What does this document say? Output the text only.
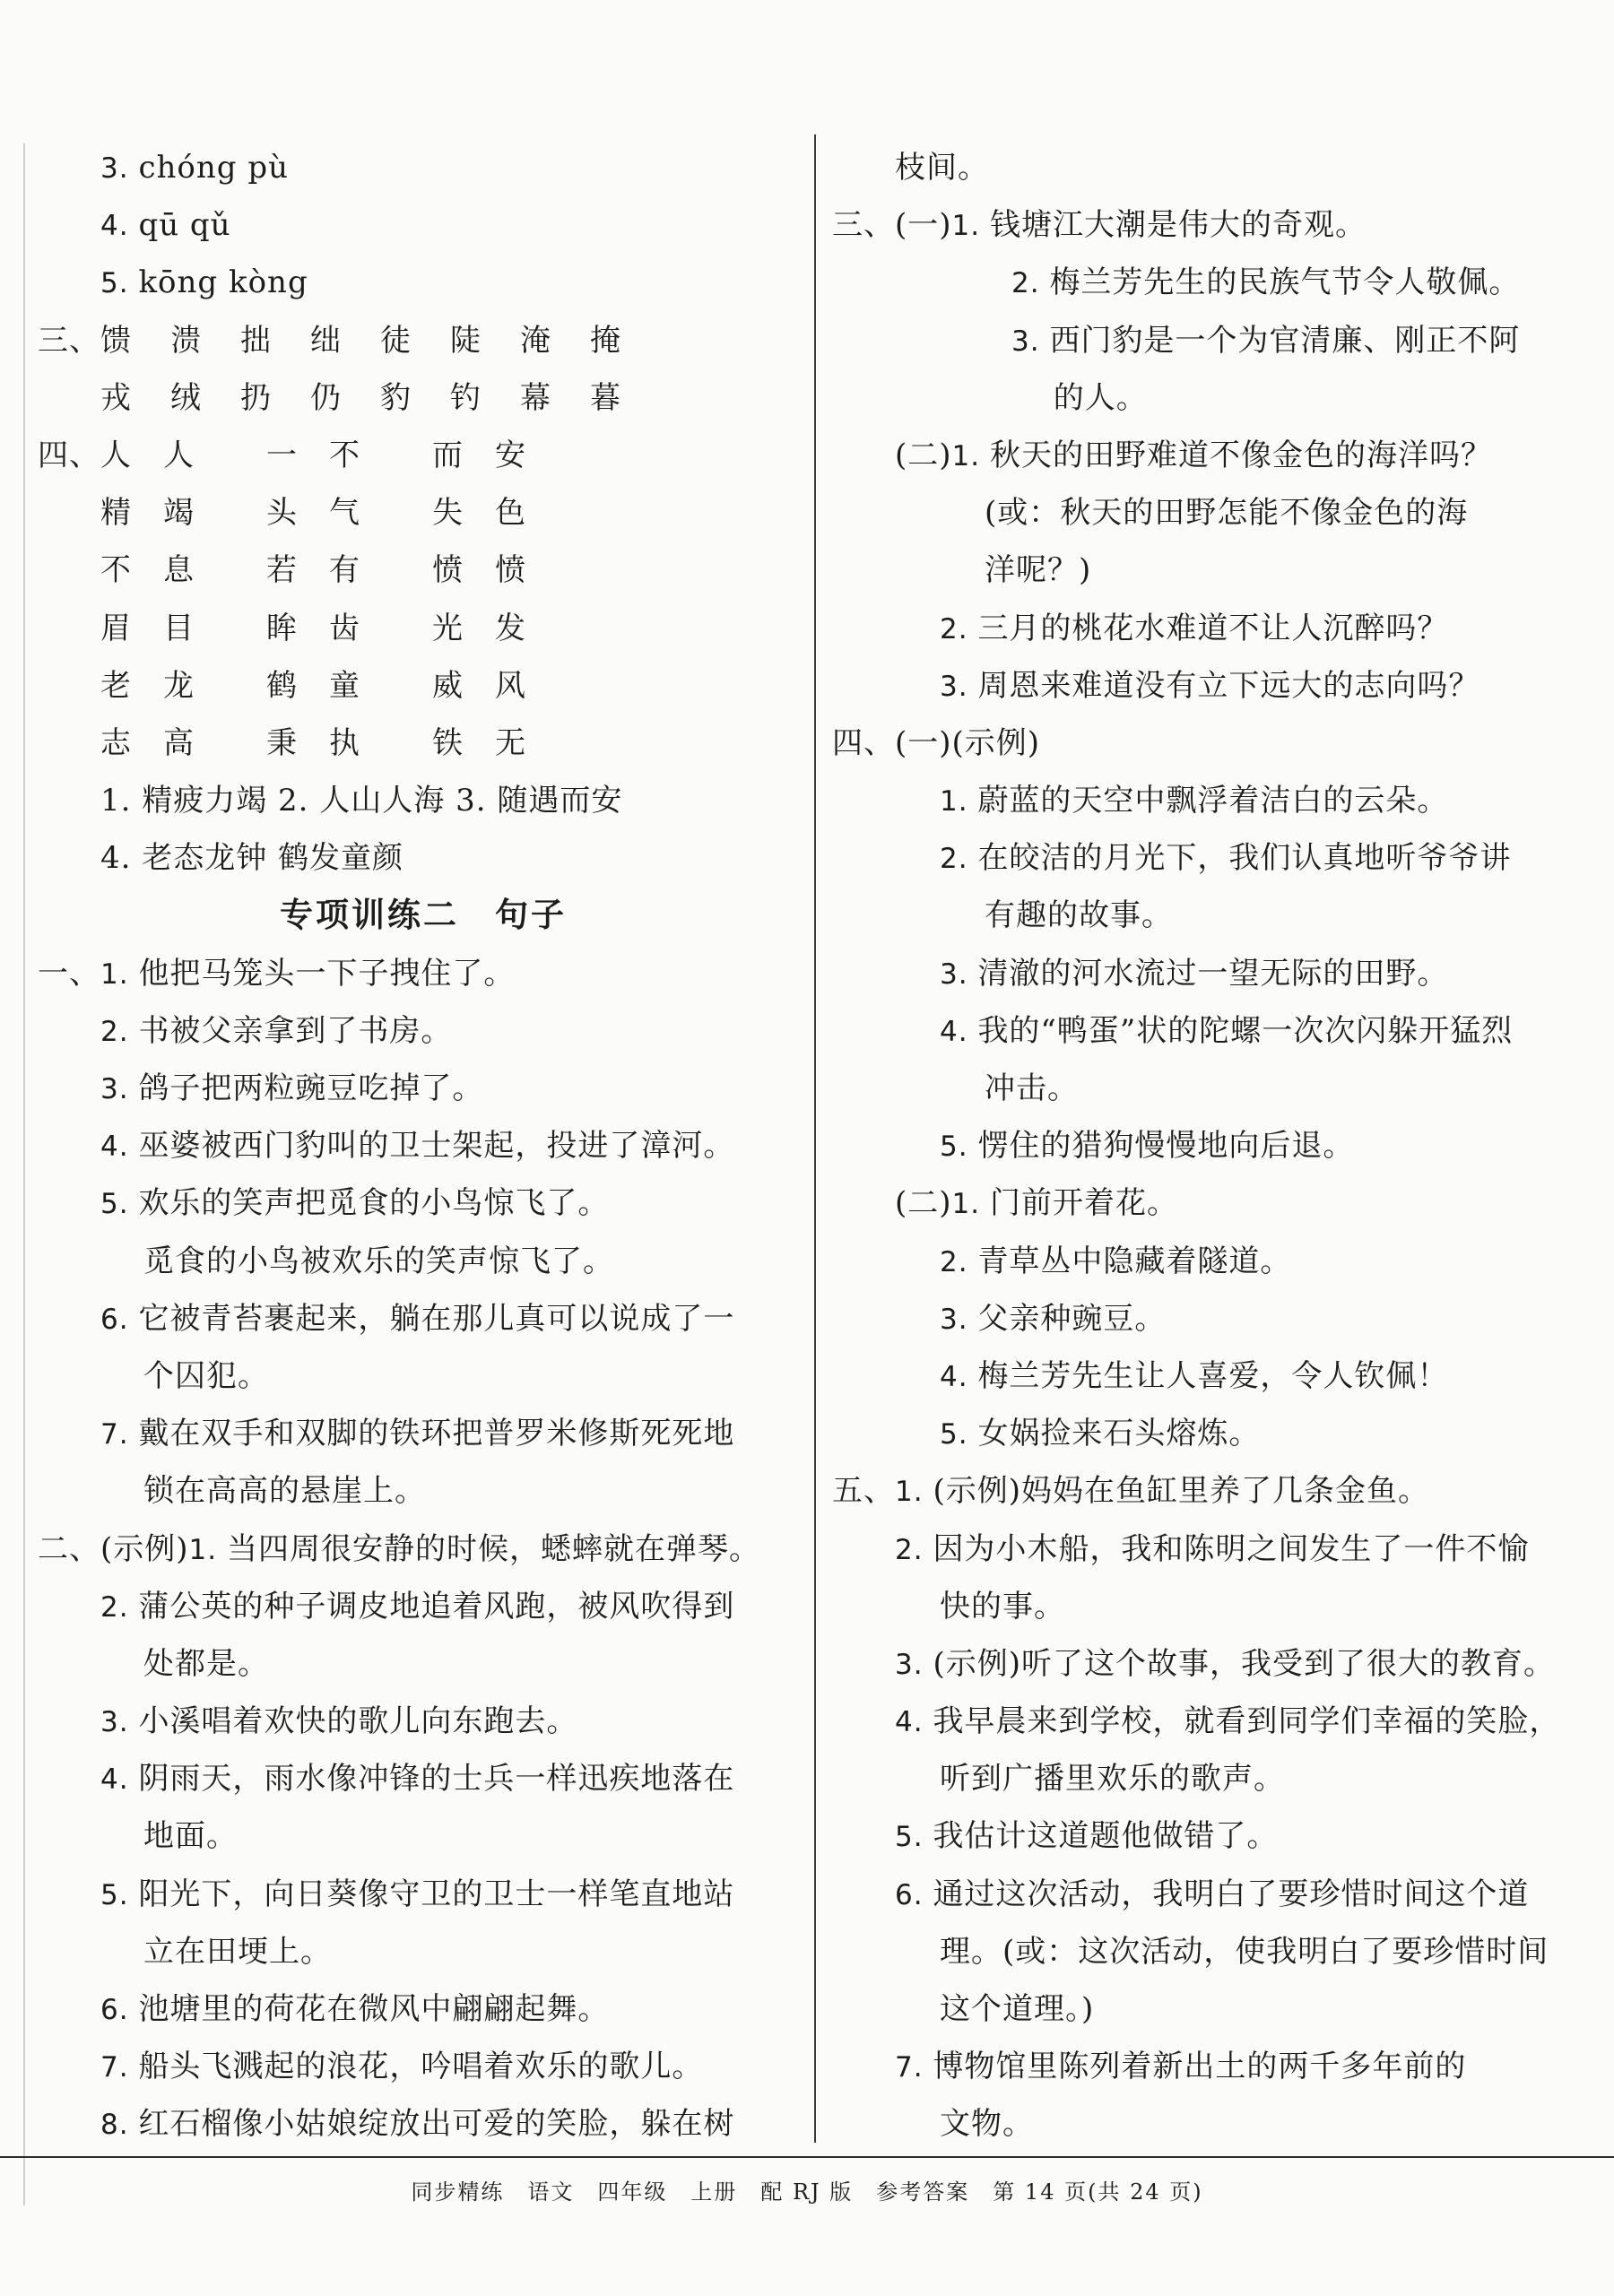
3. chóng pù
4. qū qǔ
5. kōng kòng
三、馈 溃 拙 绌 徒 陡 淹 掩
戎 绒 扔 仍 豹 钓 幕 暮
四、人 人 一 不 而 安
精 竭 头 气 失 色
不 息 若 有 愤 愤
眉 目 眸 齿 光 发
老 龙 鹤 童 威 风
志 高 秉 执 铁 无
1. 精疲力竭 2. 人山人海 3. 随遇而安
4. 老态龙钟 鹤发童颜
专项训练二　句子
一、1. 他把马笼头一下子拽住了。
2. 书被父亲拿到了书房。
3. 鸽子把两粒豌豆吃掉了。
4. 巫婆被西门豹叫的卫士架起，投进了漳河。
5. 欢乐的笑声把觅食的小鸟惊飞了。
觅食的小鸟被欢乐的笑声惊飞了。
6. 它被青苔裹起来，躺在那儿真可以说成了一
个囚犯。
7. 戴在双手和双脚的铁环把普罗米修斯死死地
锁在高高的悬崖上。
二、(示例)1. 当四周很安静的时候，蟋蟀就在弹琴。
2. 蒲公英的种子调皮地追着风跑，被风吹得到
处都是。
3. 小溪唱着欢快的歌儿向东跑去。
4. 阴雨天，雨水像冲锋的士兵一样迅疾地落在
地面。
5. 阳光下，向日葵像守卫的卫士一样笔直地站
立在田埂上。
6. 池塘里的荷花在微风中翩翩起舞。
7. 船头飞溅起的浪花，吟唱着欢乐的歌儿。
8. 红石榴像小姑娘绽放出可爱的笑脸，躲在树
枝间。
三、(一)1. 钱塘江大潮是伟大的奇观。
2. 梅兰芳先生的民族气节令人敬佩。
3. 西门豹是一个为官清廉、刚正不阿
　 的人。
(二)1. 秋天的田野难道不像金色的海洋吗？
(或：秋天的田野怎能不像金色的海
洋呢？)
2. 三月的桃花水难道不让人沉醉吗？
3. 周恩来难道没有立下远大的志向吗？
四、(一)(示例)
1. 蔚蓝的天空中飘浮着洁白的云朵。
2. 在皎洁的月光下，我们认真地听爷爷讲
有趣的故事。
3. 清澈的河水流过一望无际的田野。
4. 我的“鸭蛋”状的陀螺一次次闪躲开猛烈
冲击。
5. 愣住的猎狗慢慢地向后退。
(二)1. 门前开着花。
2. 青草丛中隐藏着隧道。
3. 父亲种豌豆。
4. 梅兰芳先生让人喜爱，令人钦佩！
5. 女娲捡来石头熔炼。
五、1. (示例)妈妈在鱼缸里养了几条金鱼。
2. 因为小木船，我和陈明之间发生了一件不愉
快的事。
3. (示例)听了这个故事，我受到了很大的教育。
4. 我早晨来到学校，就看到同学们幸福的笑脸，
听到广播里欢乐的歌声。
5. 我估计这道题他做错了。
6. 通过这次活动，我明白了要珍惜时间这个道
理。(或：这次活动，使我明白了要珍惜时间
这个道理。)
7. 博物馆里陈列着新出土的两千多年前的
文物。
同步精练　语文　四年级　上册　配 RJ 版　参考答案　第 14 页(共 24 页)
